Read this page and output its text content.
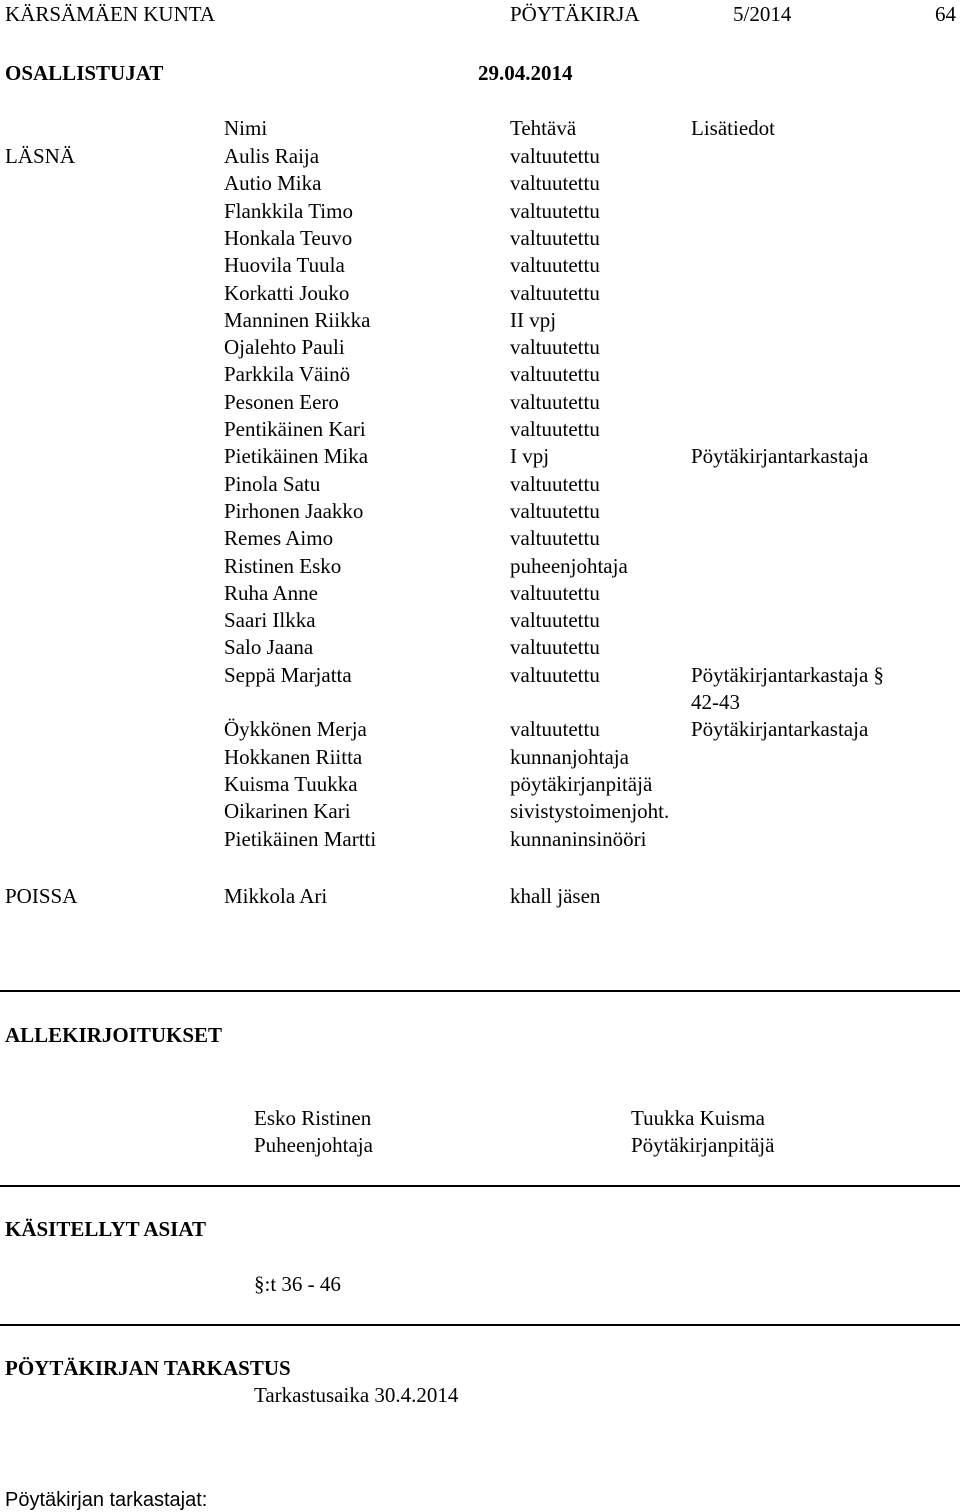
KÄRSÄMÄEN KUNTA	PÖYTÄKIRJA	5/2014	64
OSALLISTUJAT	29.04.2014
Nimi	Tehtävä	Lisätiedot
LÄSNÄ	Aulis Raija	valtuutettu
Autio Mika	valtuutettu
Flankkila Timo	valtuutettu
Honkala Teuvo	valtuutettu
Huovila Tuula	valtuutettu
Korkatti Jouko	valtuutettu
Manninen Riikka	II vpj
Ojalehto Pauli	valtuutettu
Parkkila Väinö	valtuutettu
Pesonen Eero	valtuutettu
Pentikäinen Kari	valtuutettu
Pietikäinen Mika	I vpj	Pöytäkirjantarkastaja
Pinola Satu	valtuutettu
Pirhonen Jaakko	valtuutettu
Remes Aimo	valtuutettu
Ristinen Esko	puheenjohtaja
Ruha Anne	valtuutettu
Saari Ilkka	valtuutettu
Salo Jaana	valtuutettu
Seppä Marjatta	valtuutettu	Pöytäkirjantarkastaja §
42-43
Öykkönen Merja	valtuutettu	Pöytäkirjantarkastaja
Hokkanen Riitta	kunnanjohtaja
Kuisma Tuukka	pöytäkirjanpitäjä
Oikarinen Kari	sivistystoimenjoht.
Pietikäinen Martti	kunnaninsinööri
POISSA	Mikkola Ari	khall jäsen
ALLEKIRJOITUKSET
Esko Ristinen
Puheenjohtaja
Tuukka Kuisma
Pöytäkirjanpitäjä
KÄSITELLYT ASIAT
§:t 36 - 46
PÖYTÄKIRJAN TARKASTUS
Tarkastusaika 30.4.2014
Pöytäkirjan tarkastajat:
